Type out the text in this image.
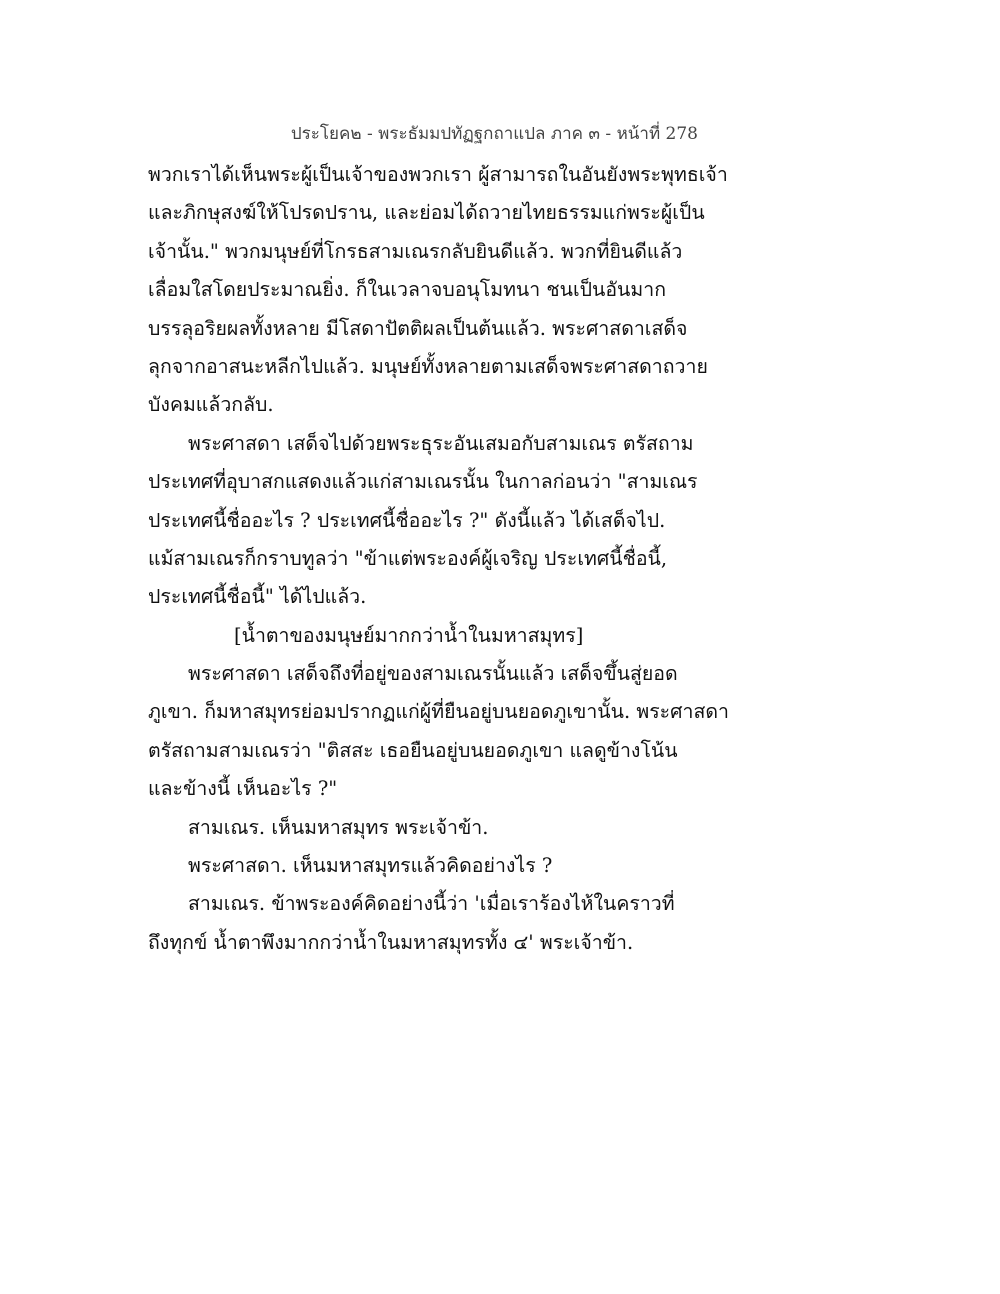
ประโยค๒ - พระธัมมปทัฏฐกถาแปล ภาค ๓ - หน้าที่ 278
พวกเราได้เห็นพระผู้เป็นเจ้าของพวกเรา ผู้สามารถในอันยังพระพุทธเจ้า
และภิกษุสงฆ์ให้โปรดปราน, และย่อมได้ถวายไทยธรรมแก่พระผู้เป็น
เจ้านั้น." พวกมนุษย์ที่โกรธสามเณรกลับยินดีแล้ว. พวกที่ยินดีแล้ว
เลื่อมใสโดยประมาณยิ่ง. ก็ในเวลาจบอนุโมทนา ชนเป็นอันมาก
บรรลุอริยผลทั้งหลาย มีโสดาปัตติผลเป็นต้นแล้ว. พระศาสดาเสด็จ
ลุกจากอาสนะหลีกไปแล้ว. มนุษย์ทั้งหลายตามเสด็จพระศาสดาถวาย
บังคมแล้วกลับ.
พระศาสดา เสด็จไปด้วยพระธุระอันเสมอกับสามเณร ตรัสถาม
ประเทศที่อุบาสกแสดงแล้วแก่สามเณรนั้น ในกาลก่อนว่า "สามเณร
ประเทศนี้ชื่ออะไร ? ประเทศนี้ชื่ออะไร ?" ดังนี้แล้ว ได้เสด็จไป.
แม้สามเณรก็กราบทูลว่า "ข้าแต่พระองค์ผู้เจริญ ประเทศนี้ชื่อนี้,
ประเทศนี้ชื่อนี้" ได้ไปแล้ว.
[น้ำตาของมนุษย์มากกว่าน้ำในมหาสมุทร]
พระศาสดา เสด็จถึงที่อยู่ของสามเณรนั้นแล้ว เสด็จขึ้นสู่ยอด
ภูเขา. ก็มหาสมุทรย่อมปรากฏแก่ผู้ที่ยืนอยู่บนยอดภูเขานั้น. พระศาสดา
ตรัสถามสามเณรว่า "ติสสะ เธอยืนอยู่บนยอดภูเขา แลดูข้างโน้น
และข้างนี้ เห็นอะไร ?"
สามเณร. เห็นมหาสมุทร พระเจ้าข้า.
พระศาสดา. เห็นมหาสมุทรแล้วคิดอย่างไร ?
สามเณร. ข้าพระองค์คิดอย่างนี้ว่า 'เมื่อเราร้องไห้ในคราวที่
ถึงทุกข์ น้ำตาพึงมากกว่าน้ำในมหาสมุทรทั้ง ๔' พระเจ้าข้า.
